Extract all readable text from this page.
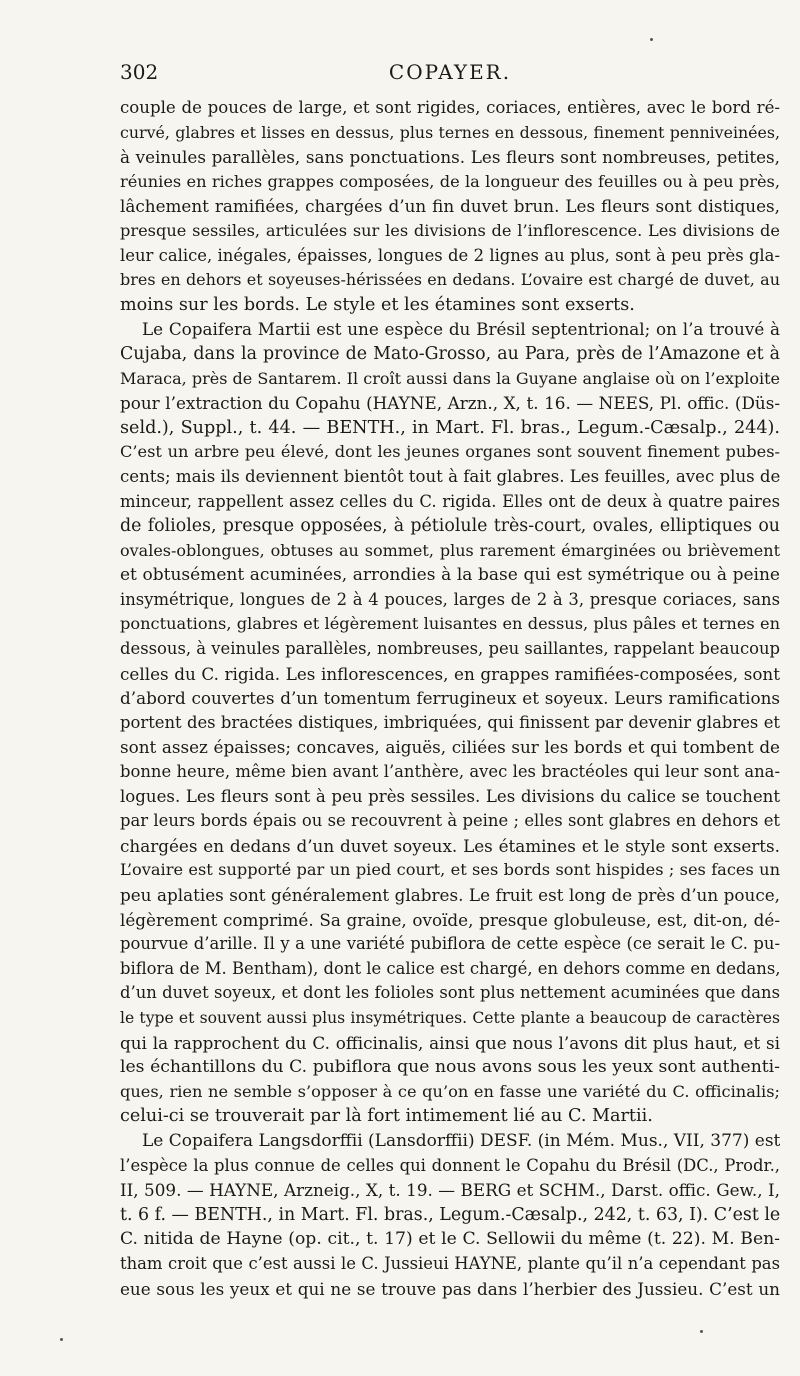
302	COPAYER.
couple de pouces de large, et sont rigides, coriaces, entières, avec le bord ré-
curvé, glabres et lisses en dessus, plus ternes en dessous, finement penniveinées,
à veinules parallèles, sans ponctuations. Les fleurs sont nombreuses, petites,
réunies en riches grappes composées, de la longueur des feuilles ou à peu près,
lâchement ramifiées, chargées d’un fin duvet brun. Les fleurs sont distiques,
presque sessiles, articulées sur les divisions de l’inflorescence. Les divisions de
leur calice, inégales, épaisses, longues de 2 lignes au plus, sont à peu près gla-
bres en dehors et soyeuses-hérissées en dedans. L’ovaire est chargé de duvet, au
moins sur les bords. Le style et les étamines sont exserts.
Le Copaifera Martii est une espèce du Brésil septentrional; on l’a trouvé à
Cujaba, dans la province de Mato-Grosso, au Para, près de l’Amazone et à
Maraca, près de Santarem. Il croît aussi dans la Guyane anglaise où on l’exploite
pour l’extraction du Copahu (HAYNE, Arzn., X, t. 16. — NEES, Pl. offic. (Düs-
seld.), Suppl., t. 44. — BENTH., in Mart. Fl. bras., Legum.-Cæsalp., 244).
C’est un arbre peu élevé, dont les jeunes organes sont souvent finement pubes-
cents; mais ils deviennent bientôt tout à fait glabres. Les feuilles, avec plus de
minceur, rappellent assez celles du C. rigida. Elles ont de deux à quatre paires
de folioles, presque opposées, à pétiolule très-court, ovales, elliptiques ou
ovales-oblongues, obtuses au sommet, plus rarement émarginées ou brièvement
et obtusément acuminées, arrondies à la base qui est symétrique ou à peine
insymétrique, longues de 2 à 4 pouces, larges de 2 à 3, presque coriaces, sans
ponctuations, glabres et légèrement luisantes en dessus, plus pâles et ternes en
dessous, à veinules parallèles, nombreuses, peu saillantes, rappelant beaucoup
celles du C. rigida. Les inflorescences, en grappes ramifiées-composées, sont
d’abord couvertes d’un tomentum ferrugineux et soyeux. Leurs ramifications
portent des bractées distiques, imbriquées, qui finissent par devenir glabres et
sont assez épaisses; concaves, aiguës, ciliées sur les bords et qui tombent de
bonne heure, même bien avant l’anthère, avec les bractéoles qui leur sont ana-
logues. Les fleurs sont à peu près sessiles. Les divisions du calice se touchent
par leurs bords épais ou se recouvrent à peine ; elles sont glabres en dehors et
chargées en dedans d’un duvet soyeux. Les étamines et le style sont exserts.
L’ovaire est supporté par un pied court, et ses bords sont hispides ; ses faces un
peu aplaties sont généralement glabres. Le fruit est long de près d’un pouce,
légèrement comprimé. Sa graine, ovoïde, presque globuleuse, est, dit-on, dé-
pourvue d’arille. Il y a une variété pubiflora de cette espèce (ce serait le C. pu-
biflora de M. Bentham), dont le calice est chargé, en dehors comme en dedans,
d’un duvet soyeux, et dont les folioles sont plus nettement acuminées que dans
le type et souvent aussi plus insymétriques. Cette plante a beaucoup de caractères
qui la rapprochent du C. officinalis, ainsi que nous l’avons dit plus haut, et si
les échantillons du C. pubiflora que nous avons sous les yeux sont authenti-
ques, rien ne semble s’opposer à ce qu’on en fasse une variété du C. officinalis;
celui-ci se trouverait par là fort intimement lié au C. Martii.
Le Copaifera Langsdorffii (Lansdorffii) DESF. (in Mém. Mus., VII, 377) est
l’espèce la plus connue de celles qui donnent le Copahu du Brésil (DC., Prodr.,
II, 509. — HAYNE, Arzneig., X, t. 19. — BERG et SCHM., Darst. offic. Gew., I,
t. 6 f. — BENTH., in Mart. Fl. bras., Legum.-Cæsalp., 242, t. 63, I). C’est le
C. nitida de Hayne (op. cit., t. 17) et le C. Sellowii du même (t. 22). M. Ben-
tham croit que c’est aussi le C. Jussieui HAYNE, plante qu’il n’a cependant pas
eue sous les yeux et qui ne se trouve pas dans l’herbier des Jussieu. C’est un
